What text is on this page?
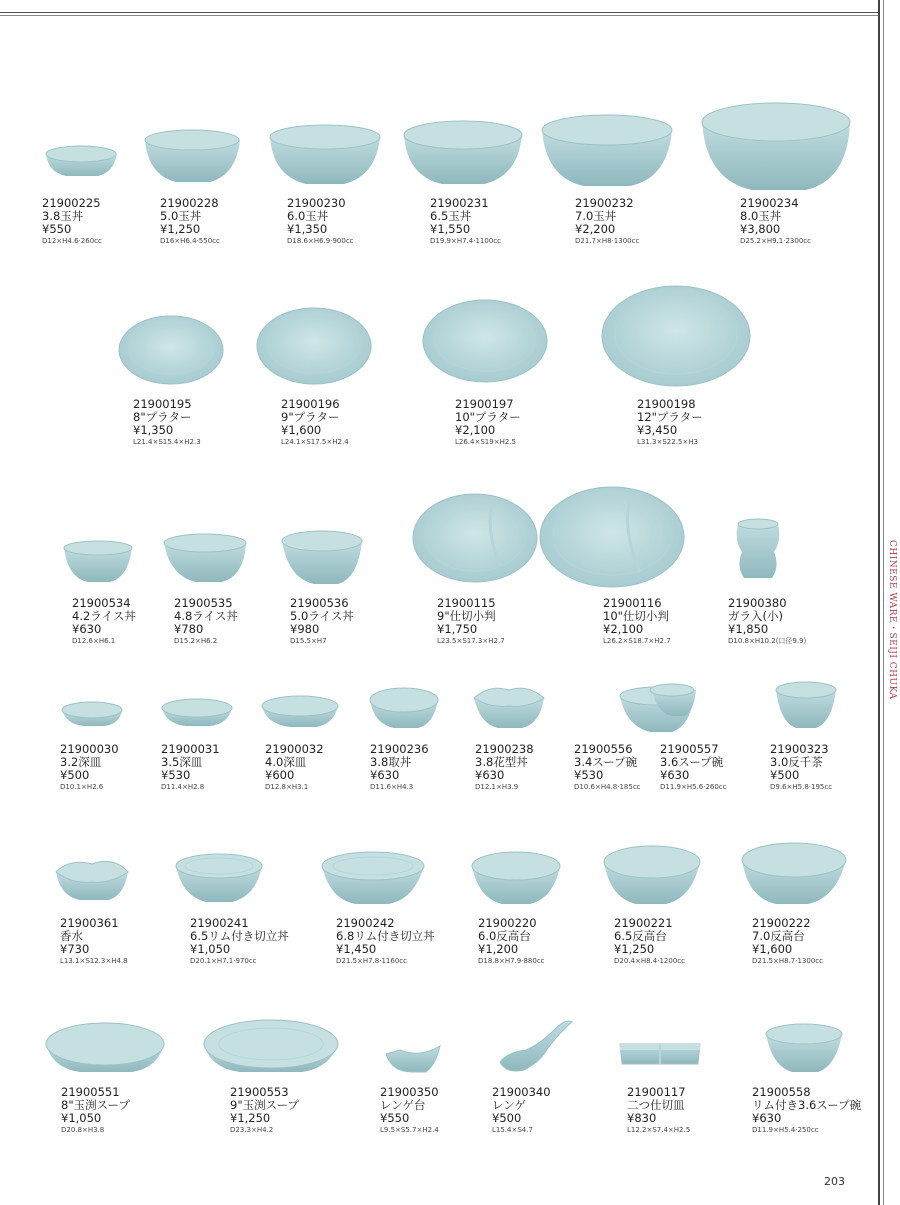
CHINESE WARE・SEIJI CHUKA
203
21900225
3.8玉丼
¥550
D12×H4.6·260cc
21900228
5.0玉丼
¥1,250
D16×H6.4·550cc
21900230
6.0玉丼
¥1,350
D18.6×H6.9·900cc
21900231
6.5玉丼
¥1,550
D19.9×H7.4·1100cc
21900232
7.0玉丼
¥2,200
D21.7×H8·1300cc
21900234
8.0玉丼
¥3,800
D25.2×H9.1·2300cc
21900195
8"プラター
¥1,350
L21.4×S15.4×H2.3
21900196
9"プラター
¥1,600
L24.1×S17.5×H2.4
21900197
10"プラター
¥2,100
L26.4×S19×H2.5
21900198
12"プラター
¥3,450
L31.3×S22.5×H3
21900534
4.2ライス丼
¥630
D12.6×H6.1
21900535
4.8ライス丼
¥780
D15.2×H6.2
21900536
5.0ライス丼
¥980
D15.5×H7
21900115
9"仕切小判
¥1,750
L23.5×S17.3×H2.7
21900116
10"仕切小判
¥2,100
L26.2×S18.7×H2.7
21900380
ガラ入(小)
¥1,850
D10.8×H10.2(口径9.9)
21900030
3.2深皿
¥500
D10.1×H2.6
21900031
3.5深皿
¥530
D11.4×H2.8
21900032
4.0深皿
¥600
D12.8×H3.1
21900236
3.8取丼
¥630
D11.6×H4.3
21900238
3.8花型丼
¥630
D12.1×H3.9
21900556
3.4スープ碗
¥530
D10.6×H4.8·185cc
21900557
3.6スープ碗
¥630
D11.9×H5.6·260cc
21900323
3.0反千茶
¥500
D9.6×H5.8·195cc
21900361
香水
¥730
L13.1×S12.3×H4.8
21900241
6.5リム付き切立丼
¥1,050
D20.1×H7.1·970cc
21900242
6.8リム付き切立丼
¥1,450
D21.5×H7.8·1160cc
21900220
6.0反高台
¥1,200
D18.8×H7.9·880cc
21900221
6.5反高台
¥1,250
D20.4×H8.4·1200cc
21900222
7.0反高台
¥1,600
D21.5×H8.7·1300cc
21900551
8"玉渕スープ
¥1,050
D20.8×H3.8
21900553
9"玉渕スープ
¥1,250
D23.3×H4.2
21900350
レンゲ台
¥550
L9.5×S5.7×H2.4
21900340
レンゲ
¥500
L15.4×S4.7
21900117
二つ仕切皿
¥830
L12.2×S7.4×H2.5
21900558
リム付き3.6スープ碗
¥630
D11.9×H5.4·250cc
